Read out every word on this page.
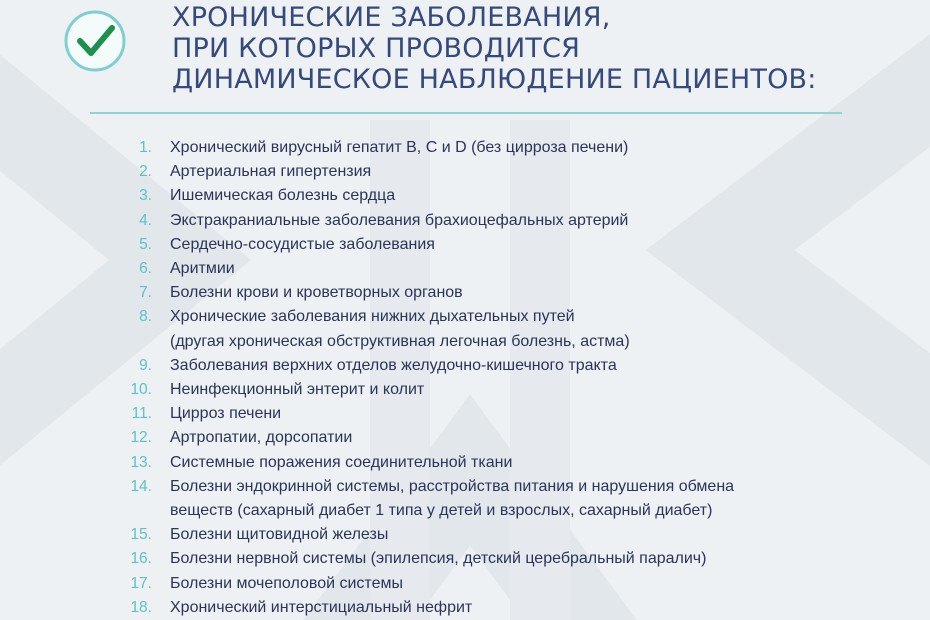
ХРОНИЧЕСКИЕ ЗАБОЛЕВАНИЯ,
ПРИ КОТОРЫХ ПРОВОДИТСЯ
ДИНАМИЧЕСКОЕ НАБЛЮДЕНИЕ ПАЦИЕНТОВ:
1. Хронический вирусный гепатит B, C и D (без цирроза печени)
2. Артериальная гипертензия
3. Ишемическая болезнь сердца
4. Экстракраниальные заболевания брахиоцефальных артерий
5. Сердечно-сосудистые заболевания
6. Аритмии
7. Болезни крови и кроветворных органов
8. Хронические заболевания нижних дыхательных путей
(другая хроническая обструктивная легочная болезнь, астма)
9. Заболевания верхних отделов желудочно-кишечного тракта
10. Неинфекционный энтерит и колит
11. Цирроз печени
12. Артропатии, дорсопатии
13. Системные поражения соединительной ткани
14. Болезни эндокринной системы, расстройства питания и нарушения обмена
веществ (сахарный диабет 1 типа у детей и взрослых, сахарный диабет)
15. Болезни щитовидной железы
16. Болезни нервной системы (эпилепсия, детский церебральный паралич)
17. Болезни мочеполовой системы
18. Хронический интерстициальный нефрит
